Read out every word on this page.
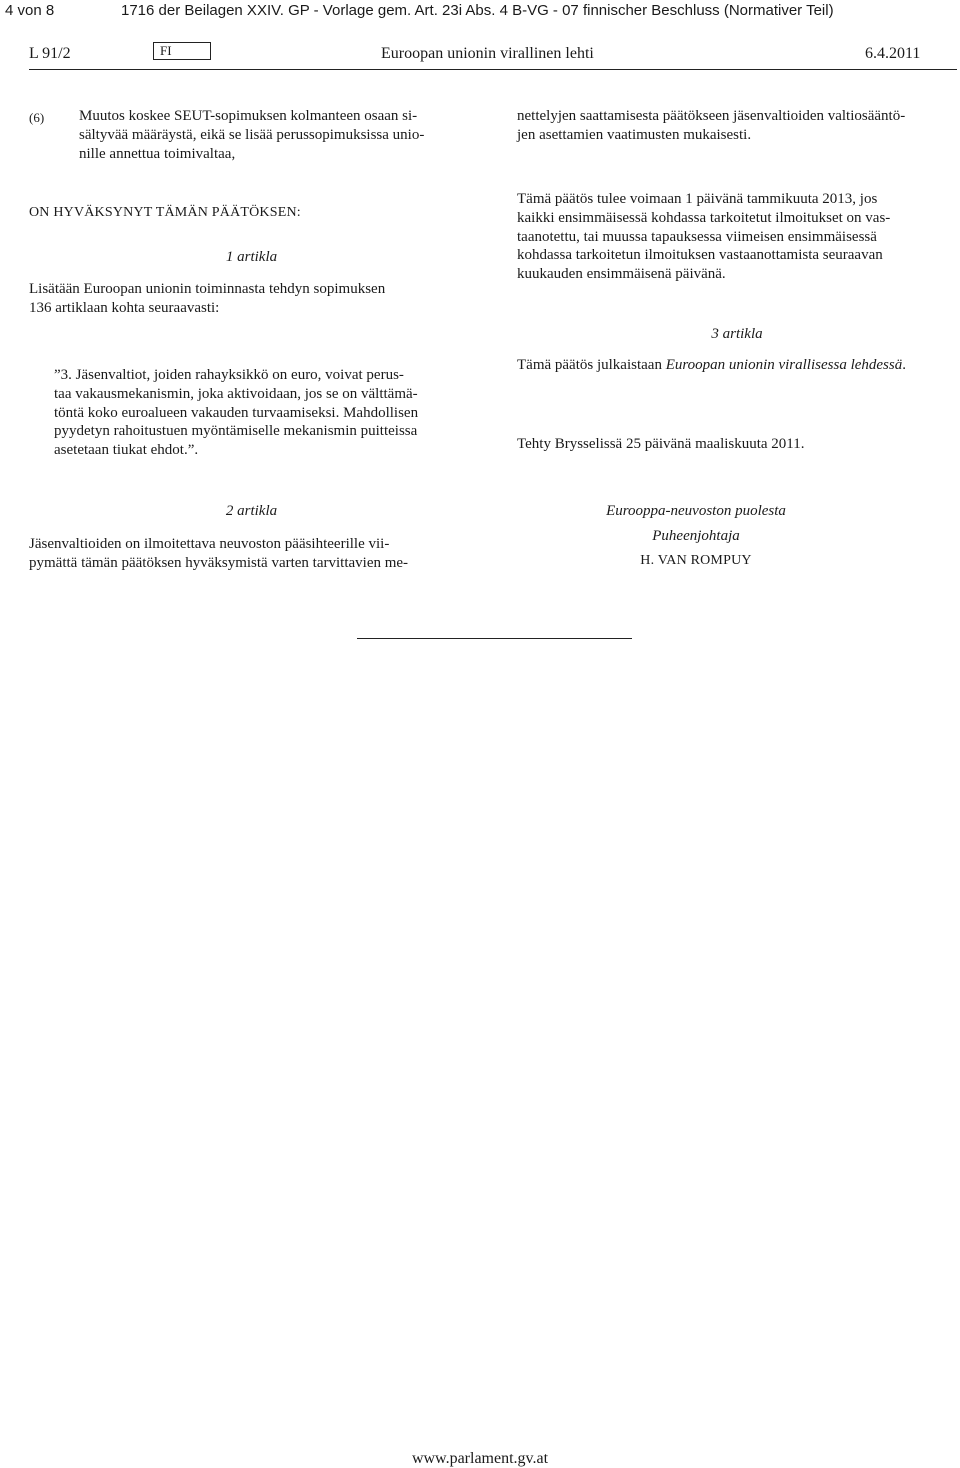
4 von 8	1716 der Beilagen XXIV. GP - Vorlage gem. Art. 23i Abs. 4 B-VG - 07 finnischer Beschluss (Normativer Teil)
L 91/2	FI	Euroopan unionin virallinen lehti	6.4.2011
(6) Muutos koskee SEUT-sopimuksen kolmanteen osaan si-
sältyvää määräystä, eikä se lisää perussopimuksissa unio-
nille annettua toimivaltaa,
ON HYVÄKSYNYT TÄMÄN PÄÄTÖKSEN:
1 artikla
Lisätään Euroopan unionin toiminnasta tehdyn sopimuksen
136 artiklaan kohta seuraavasti:
”3. Jäsenvaltiot, joiden rahayksikkö on euro, voivat perus-
taa vakausmekanismin, joka aktivoidaan, jos se on välttämä-
töntä koko euroalueen vakauden turvaamiseksi. Mahdollisen
pyydetyn rahoitustuen myöntämiselle mekanismin puitteissa
asetetaan tiukat ehdot.”.
2 artikla
Jäsenvaltioiden on ilmoitettava neuvoston pääsihteerille vii-
pymättä tämän päätöksen hyväksymistä varten tarvittavien me-
nettelyjen saattamisesta päätökseen jäsenvaltioiden valtiosääntö-
jen asettamien vaatimusten mukaisesti.
Tämä päätös tulee voimaan 1 päivänä tammikuuta 2013, jos
kaikki ensimmäisessä kohdassa tarkoitetut ilmoitukset on vas-
taanotettu, tai muussa tapauksessa viimeisen ensimmäisessä
kohdassa tarkoitetun ilmoituksen vastaanottamista seuraavan
kuukauden ensimmäisenä päivänä.
3 artikla
Tämä päätös julkaistaan Euroopan unionin virallisessa lehdessä.
Tehty Brysselissä 25 päivänä maaliskuuta 2011.
Eurooppa-neuvoston puolesta
Puheenjohtaja
H. VAN ROMPUY
www.parlament.gv.at
